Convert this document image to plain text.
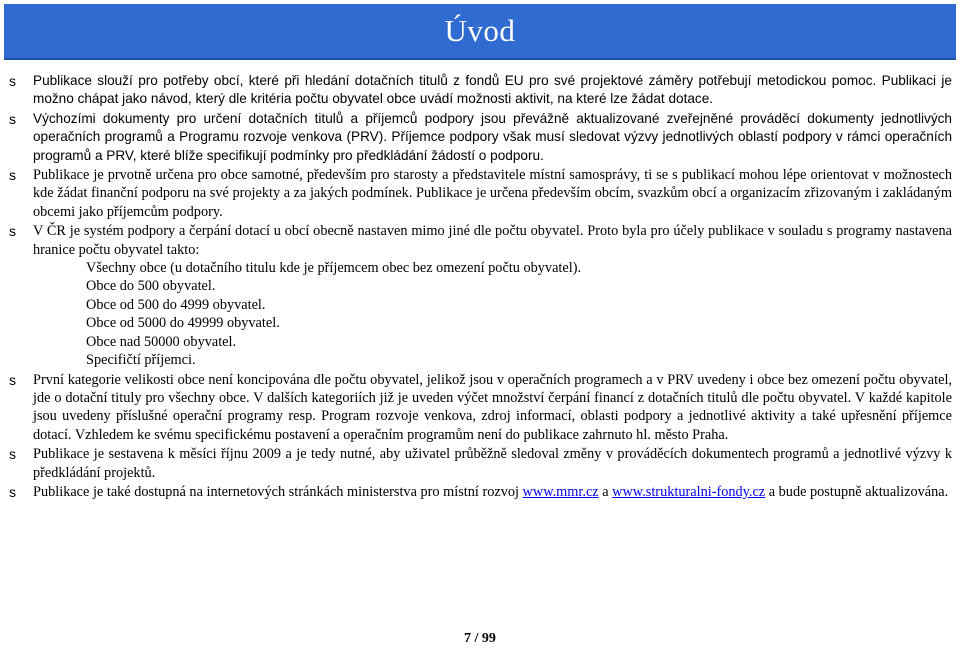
Úvod
s Publikace slouží pro potřeby obcí, které při hledání dotačních titulů z fondů EU pro své projektové záměry potřebují metodickou pomoc. Publikaci je možno chápat jako návod, který dle kritéria počtu obyvatel obce uvádí možnosti aktivit, na které lze žádat dotace.
s Výchozími dokumenty pro určení dotačních titulů a příjemců podpory jsou převážně aktualizované zveřejněné prováděcí dokumenty jednotlivých operačních programů a Programu rozvoje venkova (PRV). Příjemce podpory však musí sledovat výzvy jednotlivých oblastí podpory v rámci operačních programů a PRV, které blíže specifikují podmínky pro předkládání žádostí o podporu.
s Publikace je prvotně určena pro obce samotné, především pro starosty a představitele místní samosprávy, ti se s publikací mohou lépe orientovat v možnostech kde žádat finanční podporu na své projekty a za jakých podmínek. Publikace je určena především obcím, svazkům obcí a organizacím zřizovaným i zakládaným obcemi jako příjemcům podpory.
s V ČR je systém podpory a čerpání dotací u obcí obecně nastaven mimo jiné dle počtu obyvatel. Proto byla pro účely publikace v souladu s programy nastavena hranice počtu obyvatel takto:
Všechny obce (u dotačního titulu kde je příjemcem obec bez omezení počtu obyvatel).
Obce do 500 obyvatel.
Obce od 500 do 4999 obyvatel.
Obce od 5000 do 49999 obyvatel.
Obce nad 50000 obyvatel.
Specifičtí příjemci.
s První kategorie velikosti obce není koncipována dle počtu obyvatel, jelikož jsou v operačních programech a v PRV uvedeny i obce bez omezení počtu obyvatel, jde o dotační tituly pro všechny obce. V dalších kategoriích již je uveden výčet množství čerpání financí z dotačních titulů dle počtu obyvatel. V každé kapitole jsou uvedeny příslušné operační programy resp. Program rozvoje venkova, zdroj informací, oblasti podpory a jednotlivé aktivity a také upřesnění příjemce dotací. Vzhledem ke svému specifickému postavení a operačním programům není do publikace zahrnuto hl. město Praha.
s Publikace je sestavena k měsíci říjnu 2009 a je tedy nutné, aby uživatel průběžně sledoval změny v prováděcích dokumentech programů a jednotlivé výzvy k předkládání projektů.
s Publikace je také dostupná na internetových stránkách ministerstva pro místní rozvoj www.mmr.cz a www.strukturalni-fondy.cz a bude postupně aktualizována.
7 / 99
